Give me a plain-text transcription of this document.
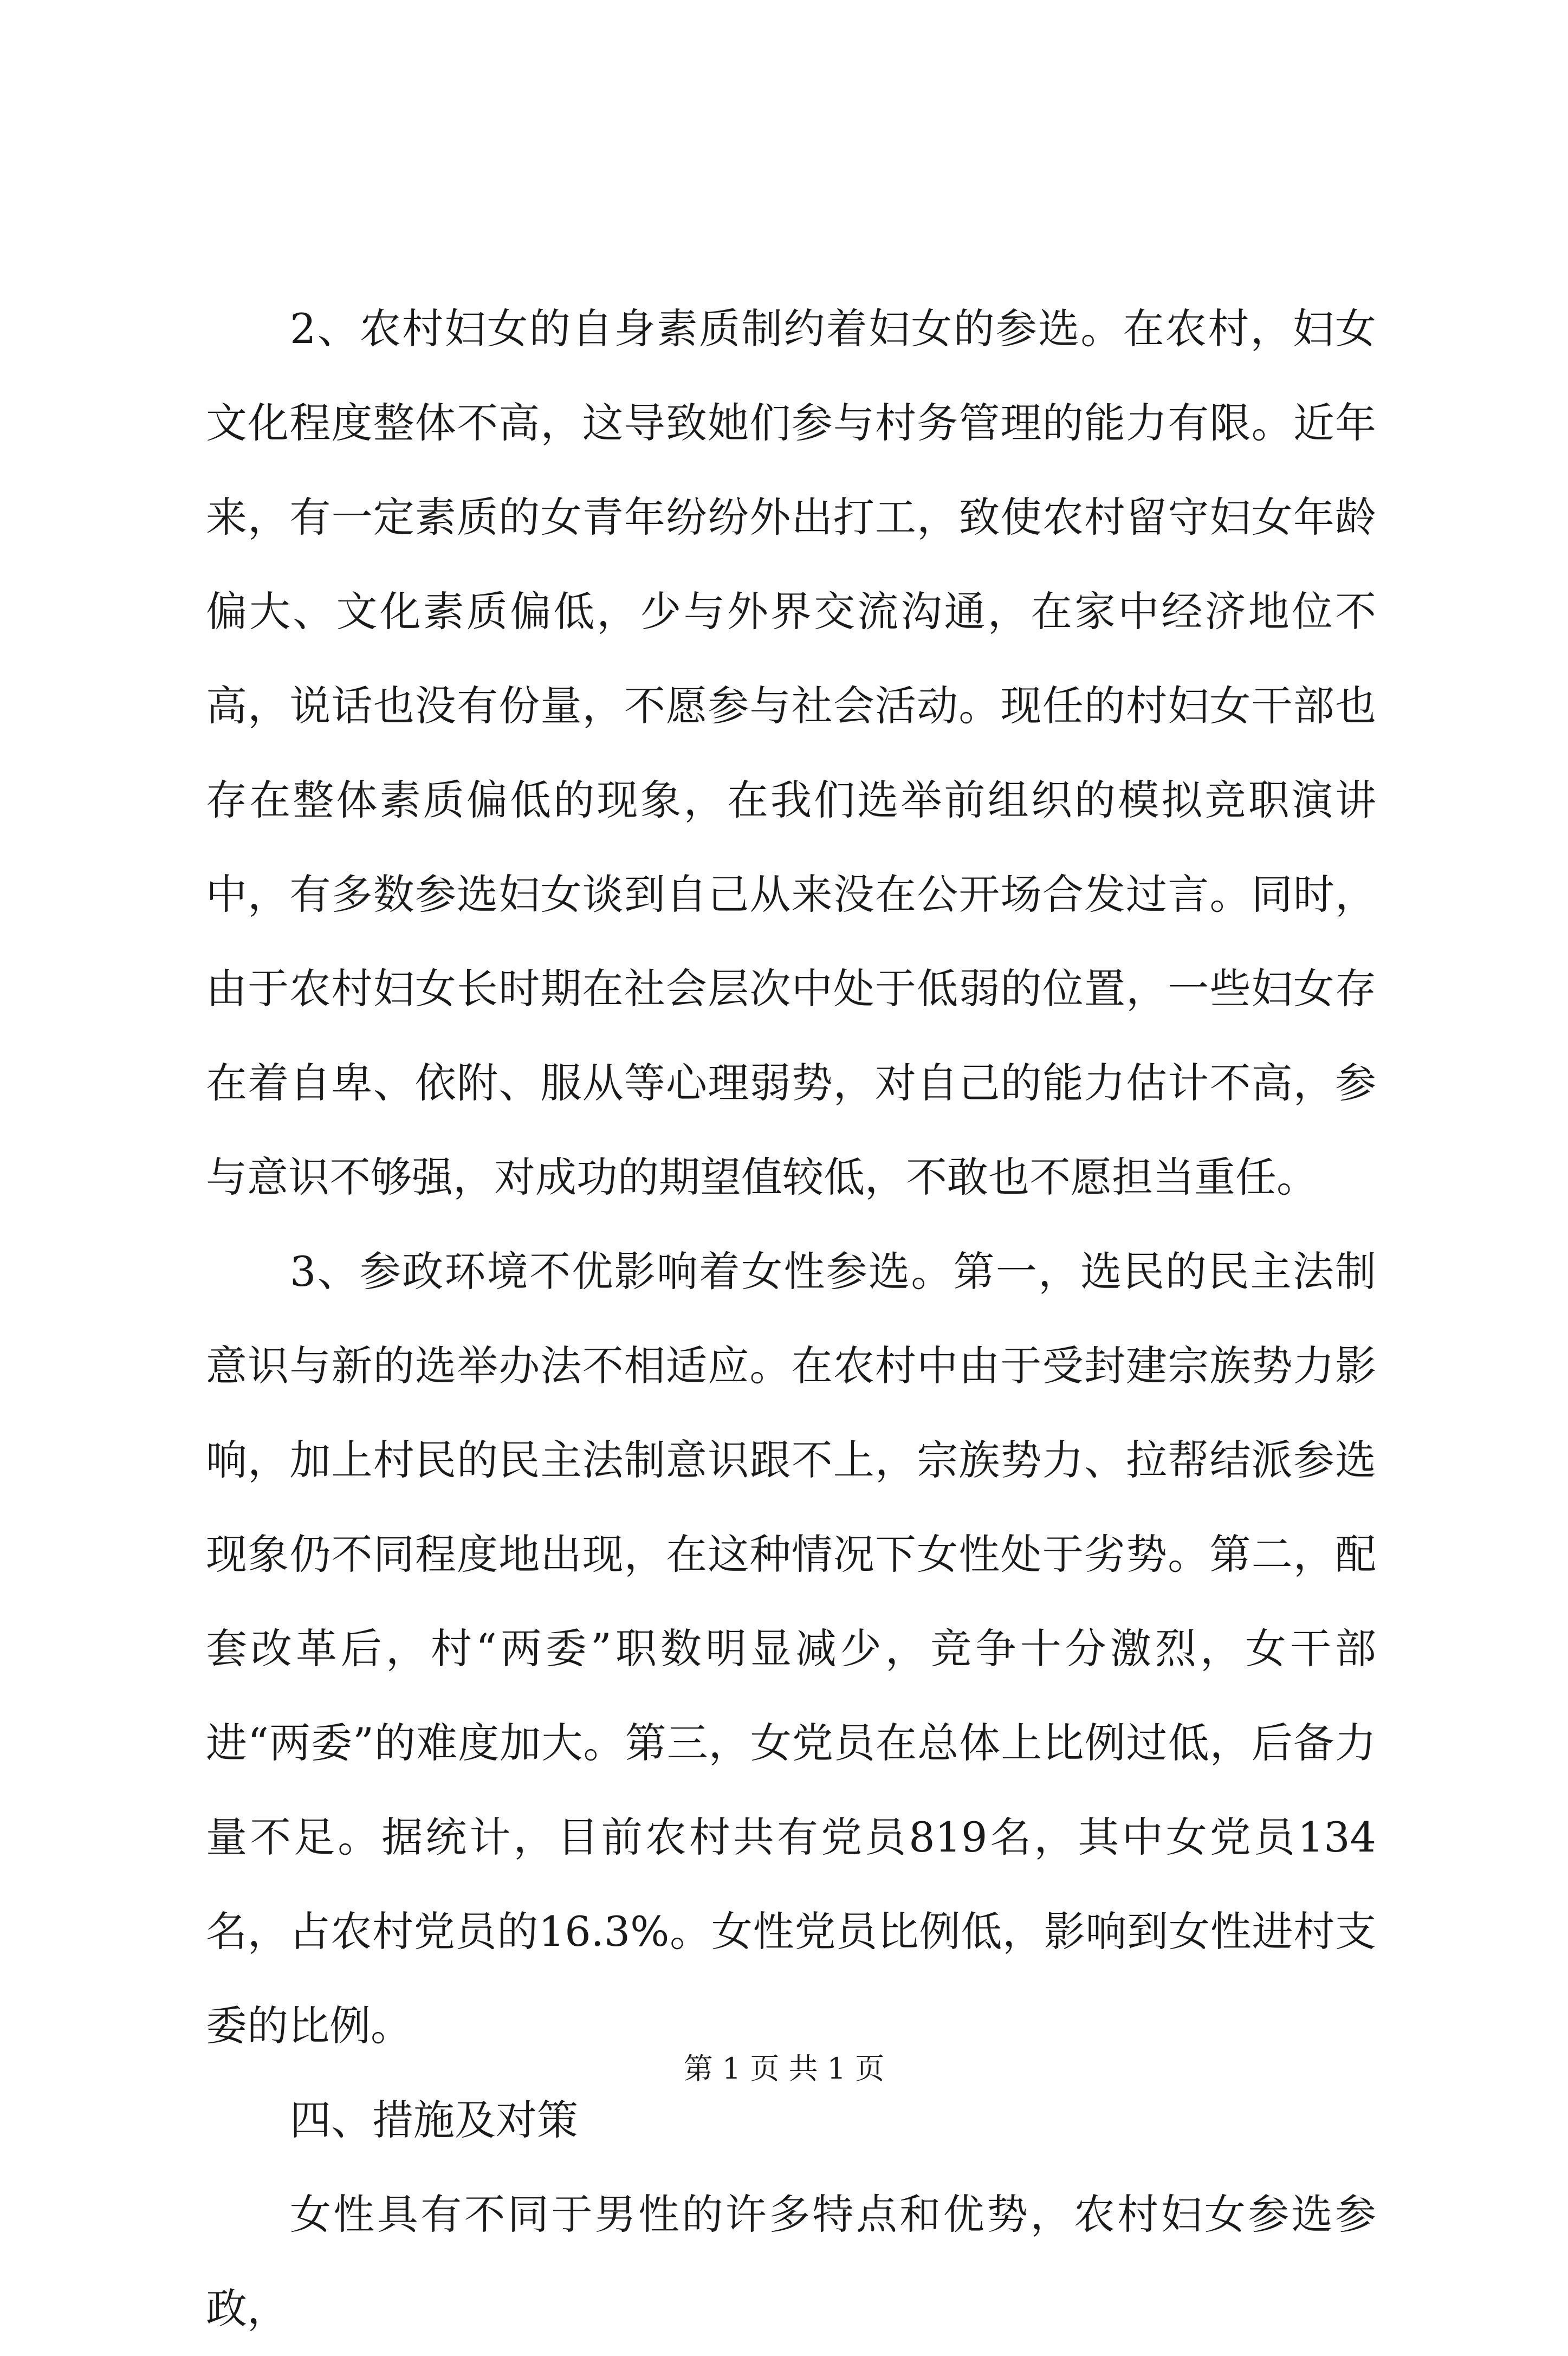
2、农村妇女的自身素质制约着妇女的参选。在农村，妇女文化程度整体不高，这导致她们参与村务管理的能力有限。近年来，有一定素质的女青年纷纷外出打工，致使农村留守妇女年龄偏大、文化素质偏低，少与外界交流沟通，在家中经济地位不高，说话也没有份量，不愿参与社会活动。现任的村妇女干部也存在整体素质偏低的现象，在我们选举前组织的模拟竞职演讲中，有多数参选妇女谈到自己从来没在公开场合发过言。同时，由于农村妇女长时期在社会层次中处于低弱的位置，一些妇女存在着自卑、依附、服从等心理弱势，对自己的能力估计不高，参与意识不够强，对成功的期望值较低，不敢也不愿担当重任。

3、参政环境不优影响着女性参选。第一，选民的民主法制意识与新的选举办法不相适应。在农村中由于受封建宗族势力影响，加上村民的民主法制意识跟不上，宗族势力、拉帮结派参选现象仍不同程度地出现，在这种情况下女性处于劣势。第二，配套改革后，村“两委”职数明显减少，竞争十分激烈，女干部进“两委”的难度加大。第三，女党员在总体上比例过低，后备力量不足。据统计，目前农村共有党员819名，其中女党员134名，占农村党员的16.3%。女性党员比例低，影响到女性进村支委的比例。

四、措施及对策

女性具有不同于男性的许多特点和优势，农村妇女参选参政，

第 1 页 共 1 页
